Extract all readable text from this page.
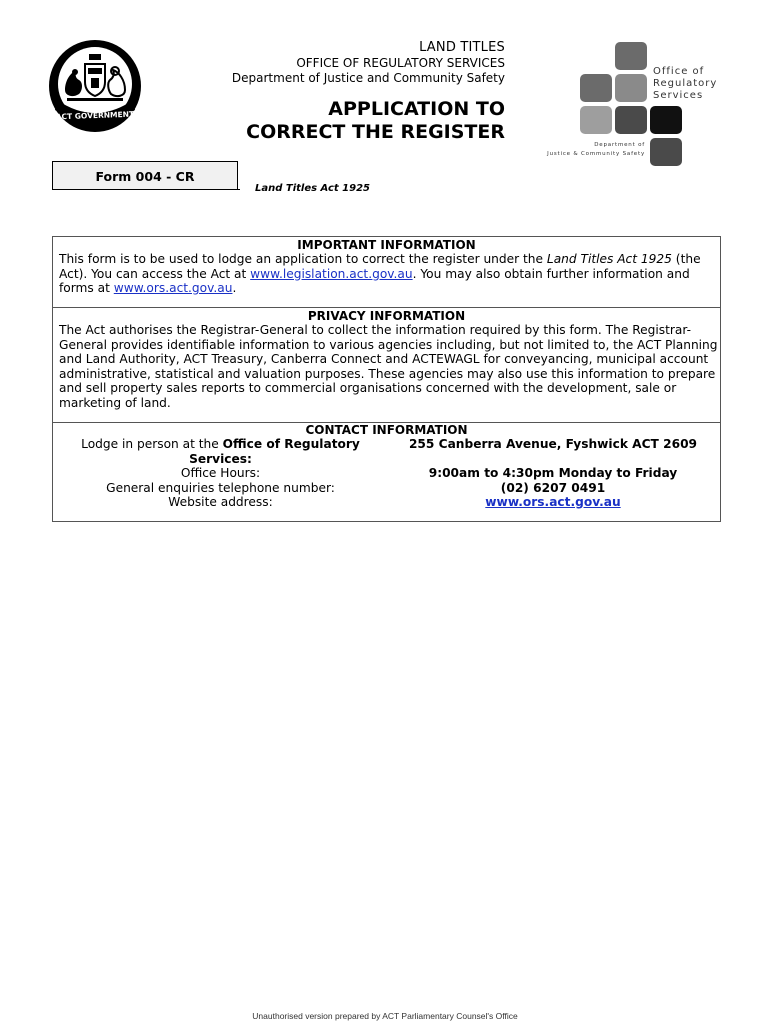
ACT GOVERNMENT
LAND TITLES
OFFICE OF REGULATORY SERVICES
Department of Justice and Community Safety
APPLICATION TO
CORRECT THE REGISTER
Office of
Regulatory
Services
Department of
Justice & Community Safety
Form 004 - CR
Land Titles Act 1925
IMPORTANT INFORMATION
This form is to be used to lodge an application to correct the register under the Land Titles Act 1925 (the Act). You can access the Act at www.legislation.act.gov.au. You may also obtain further information and forms at www.ors.act.gov.au.
PRIVACY INFORMATION
The Act authorises the Registrar-General to collect the information required by this form. The Registrar-General provides identifiable information to various agencies including, but not limited to, the ACT Planning and Land Authority, ACT Treasury, Canberra Connect and ACTEWAGL for conveyancing, municipal account administrative, statistical and valuation purposes. These agencies may also use this information to prepare and sell property sales reports to commercial organisations concerned with the development, sale or marketing of land.
CONTACT INFORMATION
Lodge in person at the Office of Regulatory Services:
Office Hours:
General enquiries telephone number:
Website address:
255 Canberra Avenue, Fyshwick ACT 2609
9:00am to 4:30pm Monday to Friday
(02) 6207 0491
www.ors.act.gov.au
Unauthorised version prepared by ACT Parliamentary Counsel's Office
